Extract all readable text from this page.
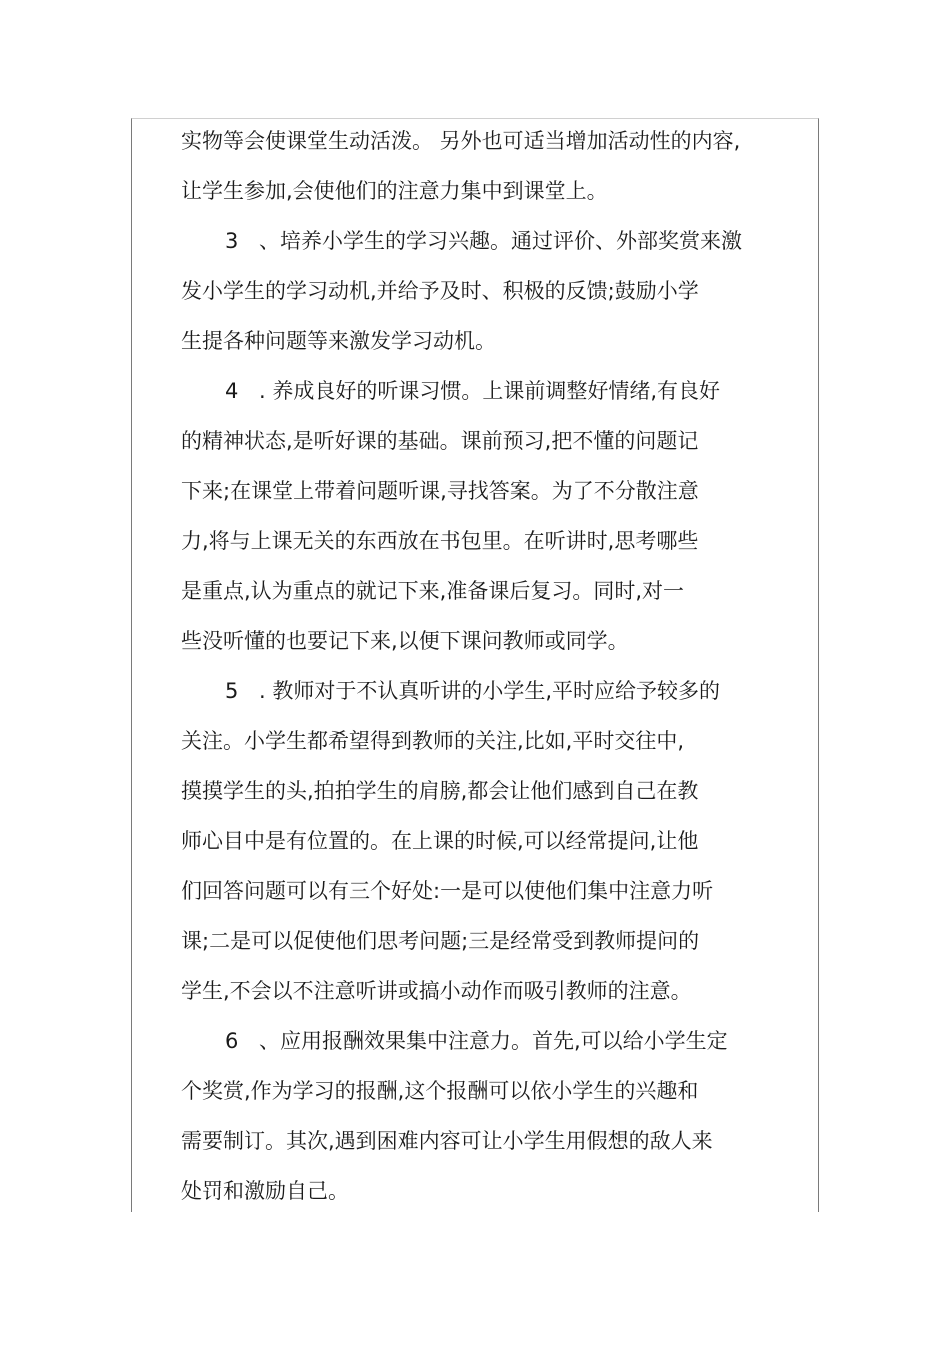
实物等会使课堂生动活泼。 另外也可适当增加活动性的内容,
让学生参加,会使他们的注意力集中到课堂上。
3 、培养小学生的学习兴趣。通过评价、外部奖赏来激
发小学生的学习动机,并给予及时、积极的反馈;鼓励小学
生提各种问题等来激发学习动机。
4 . 养成良好的听课习惯。上课前调整好情绪,有良好
的精神状态,是听好课的基础。课前预习,把不懂的问题记
下来;在课堂上带着问题听课,寻找答案。为了不分散注意
力,将与上课无关的东西放在书包里。在听讲时,思考哪些
是重点,认为重点的就记下来,准备课后复习。同时,对一
些没听懂的也要记下来,以便下课问教师或同学。
5 . 教师对于不认真听讲的小学生,平时应给予较多的
关注。小学生都希望得到教师的关注,比如,平时交往中,
摸摸学生的头,拍拍学生的肩膀,都会让他们感到自己在教
师心目中是有位置的。在上课的时候,可以经常提问,让他
们回答问题可以有三个好处:一是可以使他们集中注意力听
课;二是可以促使他们思考问题;三是经常受到教师提问的
学生,不会以不注意听讲或搞小动作而吸引教师的注意。
6 、应用报酬效果集中注意力。首先,可以给小学生定
个奖赏,作为学习的报酬,这个报酬可以依小学生的兴趣和
需要制订。其次,遇到困难内容可让小学生用假想的敌人来
处罚和激励自己。
